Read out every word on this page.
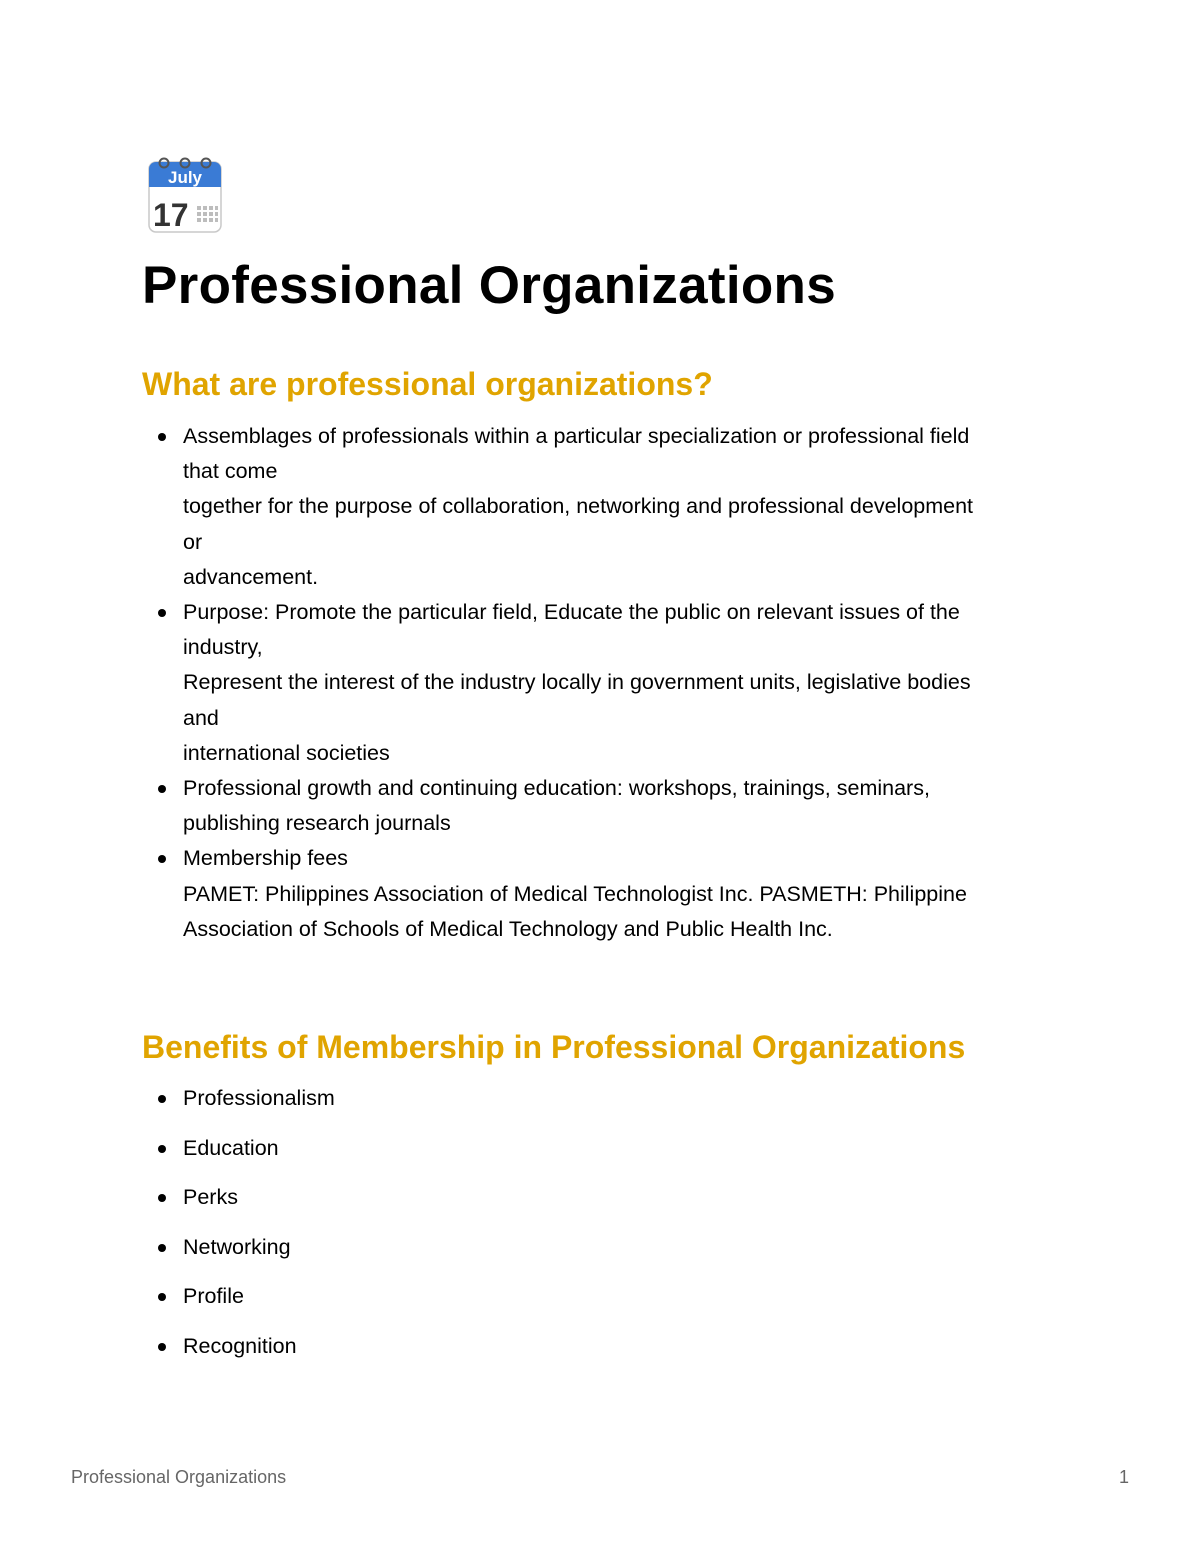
July
17
Professional Organizations
What are professional organizations?
Assemblages of professionals within a particular specialization or professional field
that come
together for the purpose of collaboration, networking and professional development
or
advancement.
Purpose: Promote the particular field, Educate the public on relevant issues of the
industry,
Represent the interest of the industry locally in government units, legislative bodies
and
international societies
Professional growth and continuing education: workshops, trainings, seminars,
publishing research journals
Membership fees
PAMET: Philippines Association of Medical Technologist Inc. PASMETH: Philippine
Association of Schools of Medical Technology and Public Health Inc.
Benefits of Membership in Professional Organizations
Professionalism
Education
Perks
Networking
Profile
Recognition
Professional Organizations	1
